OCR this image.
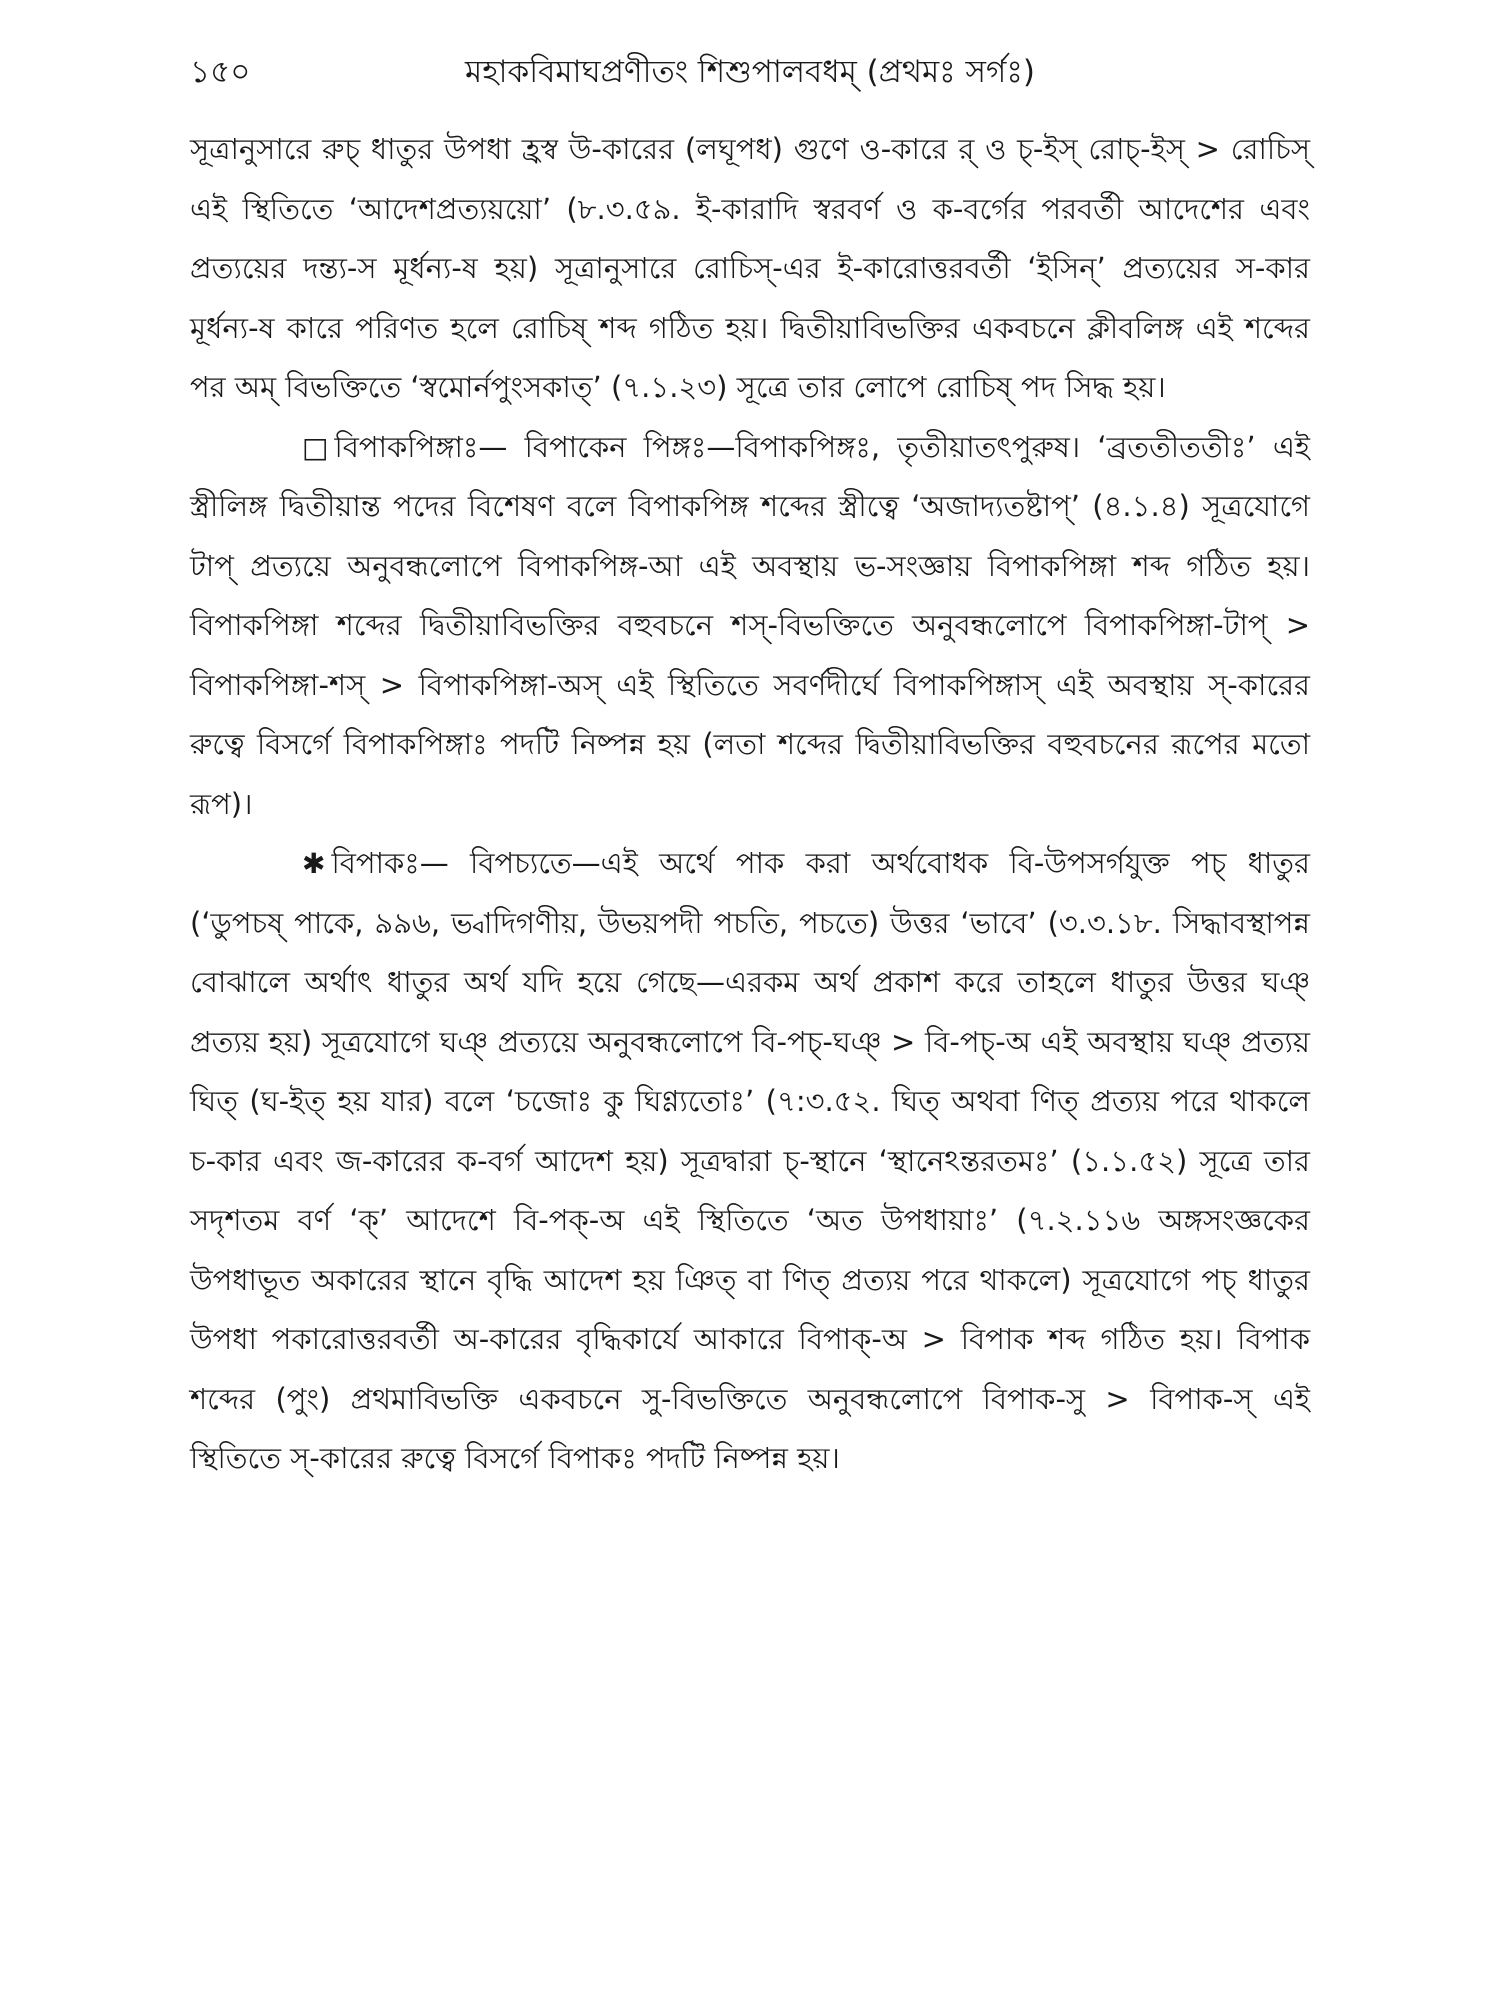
১৫০	মহাকবিমাঘপ্রণীতং শিশুপালবধম্ (প্রথমঃ সর্গঃ)

সূত্রানুসারে রুচ্ ধাতুর উপধা হ্রস্ব উ-কারের (লঘূপধ) গুণে ও-কারে র্ ও চ্-ইস্ রোচ্-ইস্ > রোচিস্ এই স্থিতিতে ‘আদেশপ্রত্যয়য়ো’ (৮.৩.৫৯. ই-কারাদি স্বরবর্ণ ও ক-বর্গের পরবর্তী আদেশের এবং প্রত্যয়ের দন্ত্য-স মূর্ধন্য-ষ হয়) সূত্রানুসারে রোচিস্-এর ই-কারোত্তরবর্তী ‘ইসিন্’ প্রত্যয়ের স-কার মূর্ধন্য-ষ কারে পরিণত হলে রোচিষ্ শব্দ গঠিত হয়। দ্বিতীয়াবিভক্তির একবচনে ক্লীবলিঙ্গ এই শব্দের পর অম্ বিভক্তিতে ‘স্বমোর্নপুংসকাত্’ (৭.১.২৩) সূত্রে তার লোপে রোচিষ্ পদ সিদ্ধ হয়।

□ বিপাকপিঙ্গাঃ— বিপাকেন পিঙ্গঃ—বিপাকপিঙ্গঃ, তৃতীয়াতৎপুরুষ। ‘ব্রততীততীঃ’ এই স্ত্রীলিঙ্গ দ্বিতীয়ান্ত পদের বিশেষণ বলে বিপাকপিঙ্গ শব্দের স্ত্রীত্বে ‘অজাদ্যতষ্টাপ্’ (৪.১.৪) সূত্রযোগে টাপ্ প্রত্যয়ে অনুবন্ধলোপে বিপাকপিঙ্গ-আ এই অবস্থায় ভ-সংজ্ঞায় বিপাকপিঙ্গা শব্দ গঠিত হয়। বিপাকপিঙ্গা শব্দের দ্বিতীয়াবিভক্তির বহুবচনে শস্-বিভক্তিতে অনুবন্ধলোপে বিপাকপিঙ্গা-টাপ্ > বিপাকপিঙ্গা-শস্ > বিপাকপিঙ্গা-অস্ এই স্থিতিতে সবর্ণদীর্ঘে বিপাকপিঙ্গাস্ এই অবস্থায় স্-কারের রুত্বে বিসর্গে বিপাকপিঙ্গাঃ পদটি নিষ্পন্ন হয় (লতা শব্দের দ্বিতীয়াবিভক্তির বহুবচনের রূপের মতো রূপ)।

✱ বিপাকঃ— বিপচ্যতে—এই অর্থে পাক করা অর্থবোধক বি-উপসর্গযুক্ত পচ্ ধাতুর (‘ডুপচষ্ পাকে, ৯৯৬, ভ্বাদিগণীয়, উভয়পদী পচতি, পচতে) উত্তর ‘ভাবে’ (৩.৩.১৮. সিদ্ধাবস্থাপন্ন বোঝালে অর্থাৎ ধাতুর অর্থ যদি হয়ে গেছে—এরকম অর্থ প্রকাশ করে তাহলে ধাতুর উত্তর ঘঞ্ প্রত্যয় হয়) সূত্রযোগে ঘঞ্ প্রত্যয়ে অনুবন্ধলোপে বি-পচ্-ঘঞ্ > বি-পচ্-অ এই অবস্থায় ঘঞ্ প্রত্যয় ঘিত্ (ঘ-ইত্ হয় যার) বলে ‘চজোঃ কু ঘিণ্ণ্যতোঃ’ (৭:৩.৫২. ঘিত্ অথবা ণিত্ প্রত্যয় পরে থাকলে চ-কার এবং জ-কারের ক-বর্গ আদেশ হয়) সূত্রদ্বারা চ্-স্থানে ‘স্থানেঽন্তরতমঃ’ (১.১.৫২) সূত্রে তার সদৃশতম বর্ণ ‘ক্’ আদেশে বি-পক্-অ এই স্থিতিতে ‘অত উপধায়াঃ’ (৭.২.১১৬ অঙ্গসংজ্ঞকের উপধাভূত অকারের স্থানে বৃদ্ধি আদেশ হয় ঞিত্ বা ণিত্ প্রত্যয় পরে থাকলে) সূত্রযোগে পচ্ ধাতুর উপধা পকারোত্তরবর্তী অ-কারের বৃদ্ধিকার্যে আকারে বিপাক্-অ > বিপাক শব্দ গঠিত হয়। বিপাক শব্দের (পুং) প্রথমাবিভক্তি একবচনে সু-বিভক্তিতে অনুবন্ধলোপে বিপাক-সু > বিপাক-স্ এই স্থিতিতে স্-কারের রুত্বে বিসর্গে বিপাকঃ পদটি নিষ্পন্ন হয়।
